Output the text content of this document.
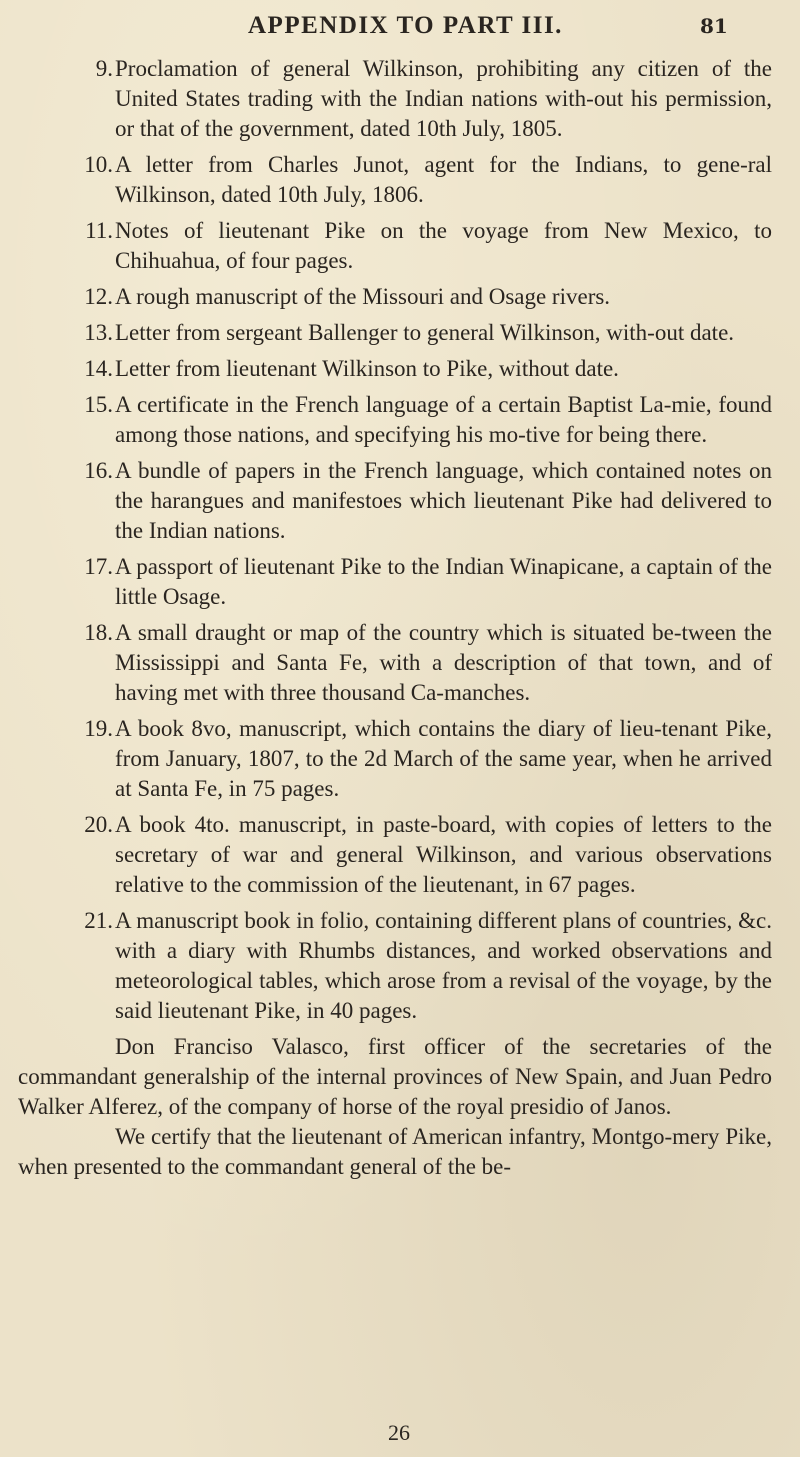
APPENDIX TO PART III.	81
9. Proclamation of general Wilkinson, prohibiting any citizen of the United States trading with the Indian nations with-out his permission, or that of the government, dated 10th July, 1805.
10. A letter from Charles Junot, agent for the Indians, to gene-ral Wilkinson, dated 10th July, 1806.
11. Notes of lieutenant Pike on the voyage from New Mexico, to Chihuahua, of four pages.
12. A rough manuscript of the Missouri and Osage rivers.
13. Letter from sergeant Ballenger to general Wilkinson, with-out date.
14. Letter from lieutenant Wilkinson to Pike, without date.
15. A certificate in the French language of a certain Baptist La-mie, found among those nations, and specifying his mo-tive for being there.
16. A bundle of papers in the French language, which contained notes on the harangues and manifestoes which lieutenant Pike had delivered to the Indian nations.
17. A passport of lieutenant Pike to the Indian Winapicane, a captain of the little Osage.
18. A small draught or map of the country which is situated be-tween the Mississippi and Santa Fe, with a description of that town, and of having met with three thousand Ca-manches.
19. A book 8vo, manuscript, which contains the diary of lieu-tenant Pike, from January, 1807, to the 2d March of the same year, when he arrived at Santa Fe, in 75 pages.
20. A book 4to. manuscript, in paste-board, with copies of letters to the secretary of war and general Wilkinson, and various observations relative to the commission of the lieutenant, in 67 pages.
21. A manuscript book in folio, containing different plans of countries, &c. with a diary with Rhumbs distances, and worked observations and meteorological tables, which arose from a revisal of the voyage, by the said lieutenant Pike, in 40 pages.

Don Franciso Valasco, first officer of the secretaries of the commandant generalship of the internal provinces of New Spain, and Juan Pedro Walker Alferez, of the company of horse of the royal presidio of Janos.

We certify that the lieutenant of American infantry, Montgo-mery Pike, when presented to the commandant general of the be-

26
